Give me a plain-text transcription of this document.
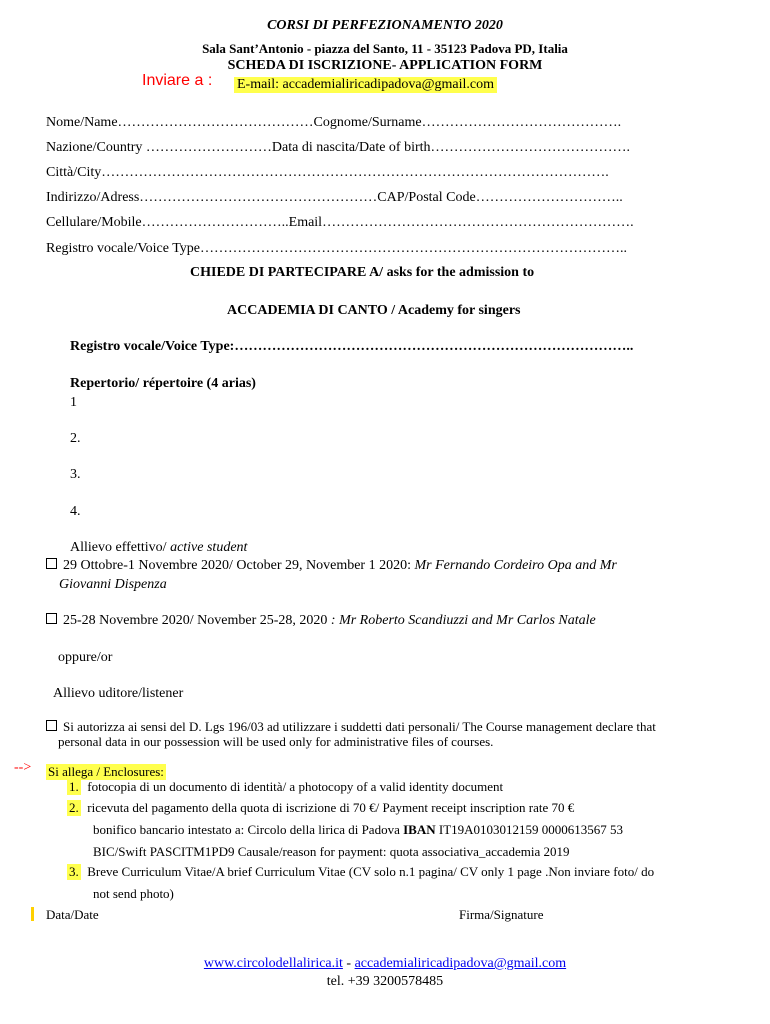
CORSI DI PERFEZIONAMENTO 2020
Sala Sant’Antonio - piazza del Santo, 11 - 35123 Padova PD, Italia
SCHEDA DI ISCRIZIONE- APPLICATION FORM
Inviare a : E-mail: accademialiricadipadova@gmail.com
Nome/Name……………………………………Cognome/Surname…………………………………….
Nazione/Country ………………………Data di nascita/Date of birth…………………………………….
Città/City……………………………………………………………………………………………….
Indirizzo/Adress……………………………………………CAP/Postal Code…………………………..
Cellulare/Mobile…………………………..Email………………………………………………………….
Registro vocale/Voice Type………………………………………………………………………………..
CHIEDE DI PARTECIPARE A/ asks for the admission to
ACCADEMIA DI CANTO / Academy for singers
Registro vocale/Voice Type:…………………………………………………………………………..
Repertorio/ répertoire (4 arias)
1
2.
3.
4.
Allievo effettivo/ active student
29 Ottobre-1 Novembre 2020/ October 29, November 1 2020: Mr Fernando Cordeiro Opa and Mr
Giovanni Dispenza
25-28 Novembre 2020/ November 25-28, 2020 : Mr Roberto Scandiuzzi and Mr Carlos Natale
oppure/or
Allievo uditore/listener
Si autorizza ai sensi del D. Lgs 196/03 ad utilizzare i suddetti dati personali/ The Course management declare that
personal data in our possession will be used only for administrative files of courses.
--> Si allega / Enclosures:
1. fotocopia di un documento di identità/ a photocopy of a valid identity document
2. ricevuta del pagamento della quota di iscrizione di 70 €/ Payment receipt inscription rate 70 €
bonifico bancario intestato a: Circolo della lirica di Padova IBAN IT19A0103012159 0000613567 53
BIC/Swift PASCITM1PD9 Causale/reason for payment: quota associativa_accademia 2019
3. Breve Curriculum Vitae/A brief Curriculum Vitae (CV solo n.1 pagina/ CV only 1 page .Non inviare foto/ do
not send photo)
Data/Date	Firma/Signature
www.circolodellalirica.it - accademialiricadipadova@gmail.com
tel. +39 3200578485
